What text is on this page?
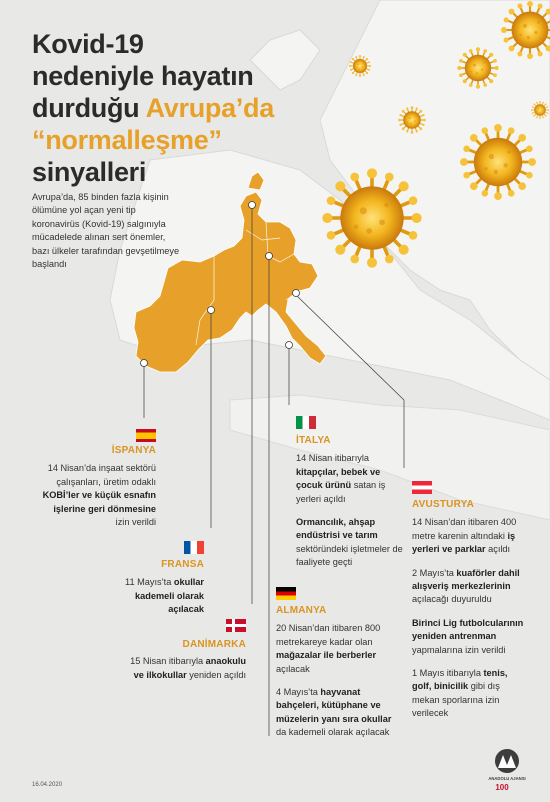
Kovid-19
nedeniyle hayatın
durduğu Avrupa’da
“normalleşme”
sinyalleri
Avrupa’da, 85 binden fazla kişinin ölümüne yol açan yeni tip koronavirüs (Kovid-19) salgınıyla mücadelede alınan sert önemler, bazı ülkeler tarafından gevşetilmeye başlandı
İSPANYA

14 Nisan’da inşaat sektörü çalışanları, üretim odaklı KOBİ’ler ve küçük esnafın işlerine geri dönmesine izin verildi

FRANSA

11 Mayıs’ta okullar kademeli olarak açılacak

DANİMARKA

15 Nisan itibarıyla anaokulu ve ilkokullar yeniden açıldı

İTALYA

14 Nisan itibarıyla kitapçılar, bebek ve çocuk ürünü satan iş yerleri açıldı

Ormancılık, ahşap endüstrisi ve tarım sektöründeki işletmeler de faaliyete geçti

ALMANYA

20 Nisan’dan itibaren 800 metrekareye kadar olan mağazalar ile berberler açılacak

4 Mayıs’ta hayvanat bahçeleri, kütüphane ve müzelerin yanı sıra okullar da kademeli olarak açılacak

AVUSTURYA

14 Nisan’dan itibaren 400 metre karenin altındaki iş yerleri ve parklar açıldı

2 Mayıs’ta kuaförler dahil alışveriş merkezlerinin açılacağı duyuruldu

Birinci Lig futbolcularının yeniden antrenman yapmalarına izin verildi

1 Mayıs itibarıyla tenis, golf, binicilik gibi dış mekan sporlarına izin verilecek

16.04.2020
ANADOLU AJANSI
100
